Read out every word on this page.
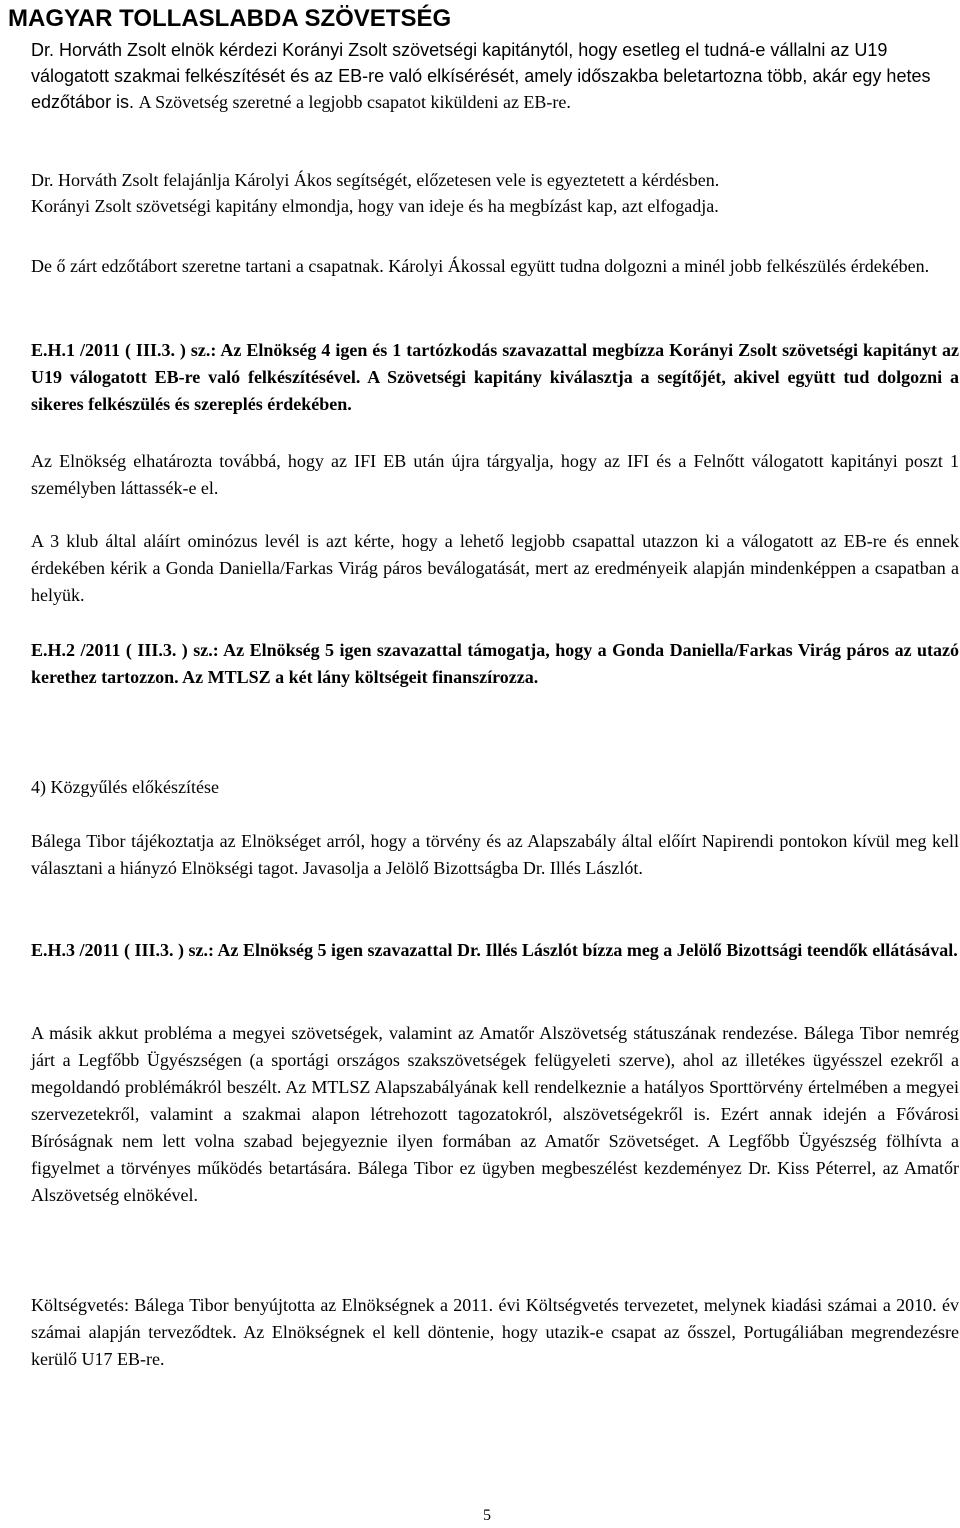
MAGYAR TOLLASLABDA SZÖVETSÉG

Dr. Horváth Zsolt elnök kérdezi Korányi Zsolt szövetségi kapitánytól, hogy esetleg el tudná-e vállalni az U19 válogatott szakmai felkészítését és az EB-re való elkísérését, amely időszakba beletartozna több, akár egy hetes edzőtábor is. A Szövetség szeretné a legjobb csapatot kiküldeni az EB-re.

Dr. Horváth Zsolt felajánlja Károlyi Ákos segítségét, előzetesen vele is egyeztetett a kérdésben.
Korányi Zsolt szövetségi kapitány elmondja, hogy van ideje és ha megbízást kap, azt elfogadja.

De ő zárt edzőtábort szeretne tartani a csapatnak. Károlyi Ákossal együtt tudna dolgozni a minél jobb felkészülés érdekében.

E.H.1 /2011 ( III.3. ) sz.: Az Elnökség 4 igen és 1 tartózkodás szavazattal megbízza Korányi Zsolt szövetségi kapitányt az U19 válogatott EB-re való felkészítésével. A Szövetségi kapitány kiválasztja a segítőjét, akivel együtt tud dolgozni a sikeres felkészülés és szereplés érdekében.

Az Elnökség elhatározta továbbá, hogy az IFI EB után újra tárgyalja, hogy az IFI és a Felnőtt válogatott kapitányi poszt 1 személyben láttassék-e el.

A 3 klub által aláírt ominózus levél is azt kérte, hogy a lehető legjobb csapattal utazzon ki a válogatott az EB-re és ennek érdekében kérik a Gonda Daniella/Farkas Virág páros beválogatását, mert az eredményeik alapján mindenképpen a csapatban a helyük.

E.H.2 /2011 ( III.3. ) sz.: Az Elnökség 5 igen szavazattal támogatja, hogy a Gonda Daniella/Farkas Virág páros az utazó kerethez tartozzon. Az MTLSZ a két lány költségeit finanszírozza.

4) Közgyűlés előkészítése

Bálega Tibor tájékoztatja az Elnökséget arról, hogy a törvény és az Alapszabály által előírt Napirendi pontokon kívül meg kell választani a hiányzó Elnökségi tagot. Javasolja a Jelölő Bizottságba Dr. Illés Lászlót.

E.H.3 /2011 ( III.3. ) sz.: Az Elnökség 5 igen szavazattal Dr. Illés Lászlót bízza meg a Jelölő Bizottsági teendők ellátásával.

A másik akkut probléma a megyei szövetségek, valamint az Amatőr Alszövetség státuszának rendezése. Bálega Tibor nemrég járt a Legfőbb Ügyészségen (a sportági országos szakszövetségek felügyeleti szerve), ahol az illetékes ügyésszel ezekről a megoldandó problémákról beszélt. Az MTLSZ Alapszabályának kell rendelkeznie a hatályos Sporttörvény értelmében a megyei szervezetekről, valamint a szakmai alapon létrehozott tagozatokról, alszövetségekről is. Ezért annak idején a Fővárosi Bíróságnak nem lett volna szabad bejegyeznie ilyen formában az Amatőr Szövetséget. A Legfőbb Ügyészség fölhívta a figyelmet a törvényes működés betartására. Bálega Tibor ez ügyben megbeszélést kezdeményez Dr. Kiss Péterrel, az Amatőr Alszövetség elnökével.

Költségvetés: Bálega Tibor benyújtotta az Elnökségnek a 2011. évi Költségvetés tervezetet, melynek kiadási számai a 2010. év számai alapján terveződtek. Az Elnökségnek el kell döntenie, hogy utazik-e csapat az ősszel, Portugáliában megrendezésre kerülő U17 EB-re.

5
